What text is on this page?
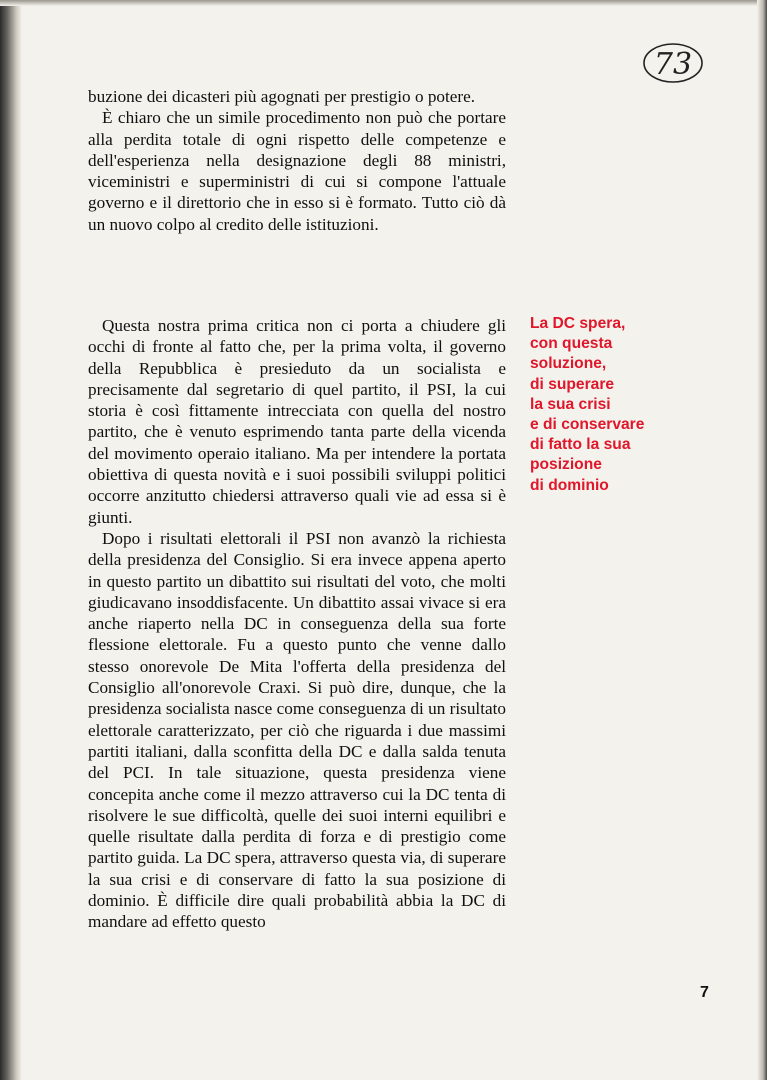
73

buzione dei dicasteri più agognati per prestigio o potere.

È chiaro che un simile procedimento non può che portare alla perdita totale di ogni rispetto delle competenze e dell'esperienza nella designazione degli 88 ministri, viceministri e superministri di cui si compone l'attuale governo e il direttorio che in esso si è formato. Tutto ciò dà un nuovo colpo al credito delle istituzioni.

Questa nostra prima critica non ci porta a chiudere gli occhi di fronte al fatto che, per la prima volta, il governo della Repubblica è presieduto da un socialista e precisamente dal segretario di quel partito, il PSI, la cui storia è così fittamente intrecciata con quella del nostro partito, che è venuto esprimendo tanta parte della vicenda del movimento operaio italiano. Ma per intendere la portata obiettiva di questa novità e i suoi possibili sviluppi politici occorre anzitutto chiedersi attraverso quali vie ad essa si è giunti.

Dopo i risultati elettorali il PSI non avanzò la richiesta della presidenza del Consiglio. Si era invece appena aperto in questo partito un dibattito sui risultati del voto, che molti giudicavano insoddisfacente. Un dibattito assai vivace si era anche riaperto nella DC in conseguenza della sua forte flessione elettorale. Fu a questo punto che venne dallo stesso onorevole De Mita l'offerta della presidenza del Consiglio all'onorevole Craxi. Si può dire, dunque, che la presidenza socialista nasce come conseguenza di un risultato elettorale caratterizzato, per ciò che riguarda i due massimi partiti italiani, dalla sconfitta della DC e dalla salda tenuta del PCI. In tale situazione, questa presidenza viene concepita anche come il mezzo attraverso cui la DC tenta di risolvere le sue difficoltà, quelle dei suoi interni equilibri e quelle risultate dalla perdita di forza e di prestigio come partito guida. La DC spera, attraverso questa via, di superare la sua crisi e di conservare di fatto la sua posizione di dominio. È difficile dire quali probabilità abbia la DC di mandare ad effetto questo

La DC spera,
con questa
soluzione,
di superare
la sua crisi
e di conservare
di fatto la sua
posizione
di dominio
7
